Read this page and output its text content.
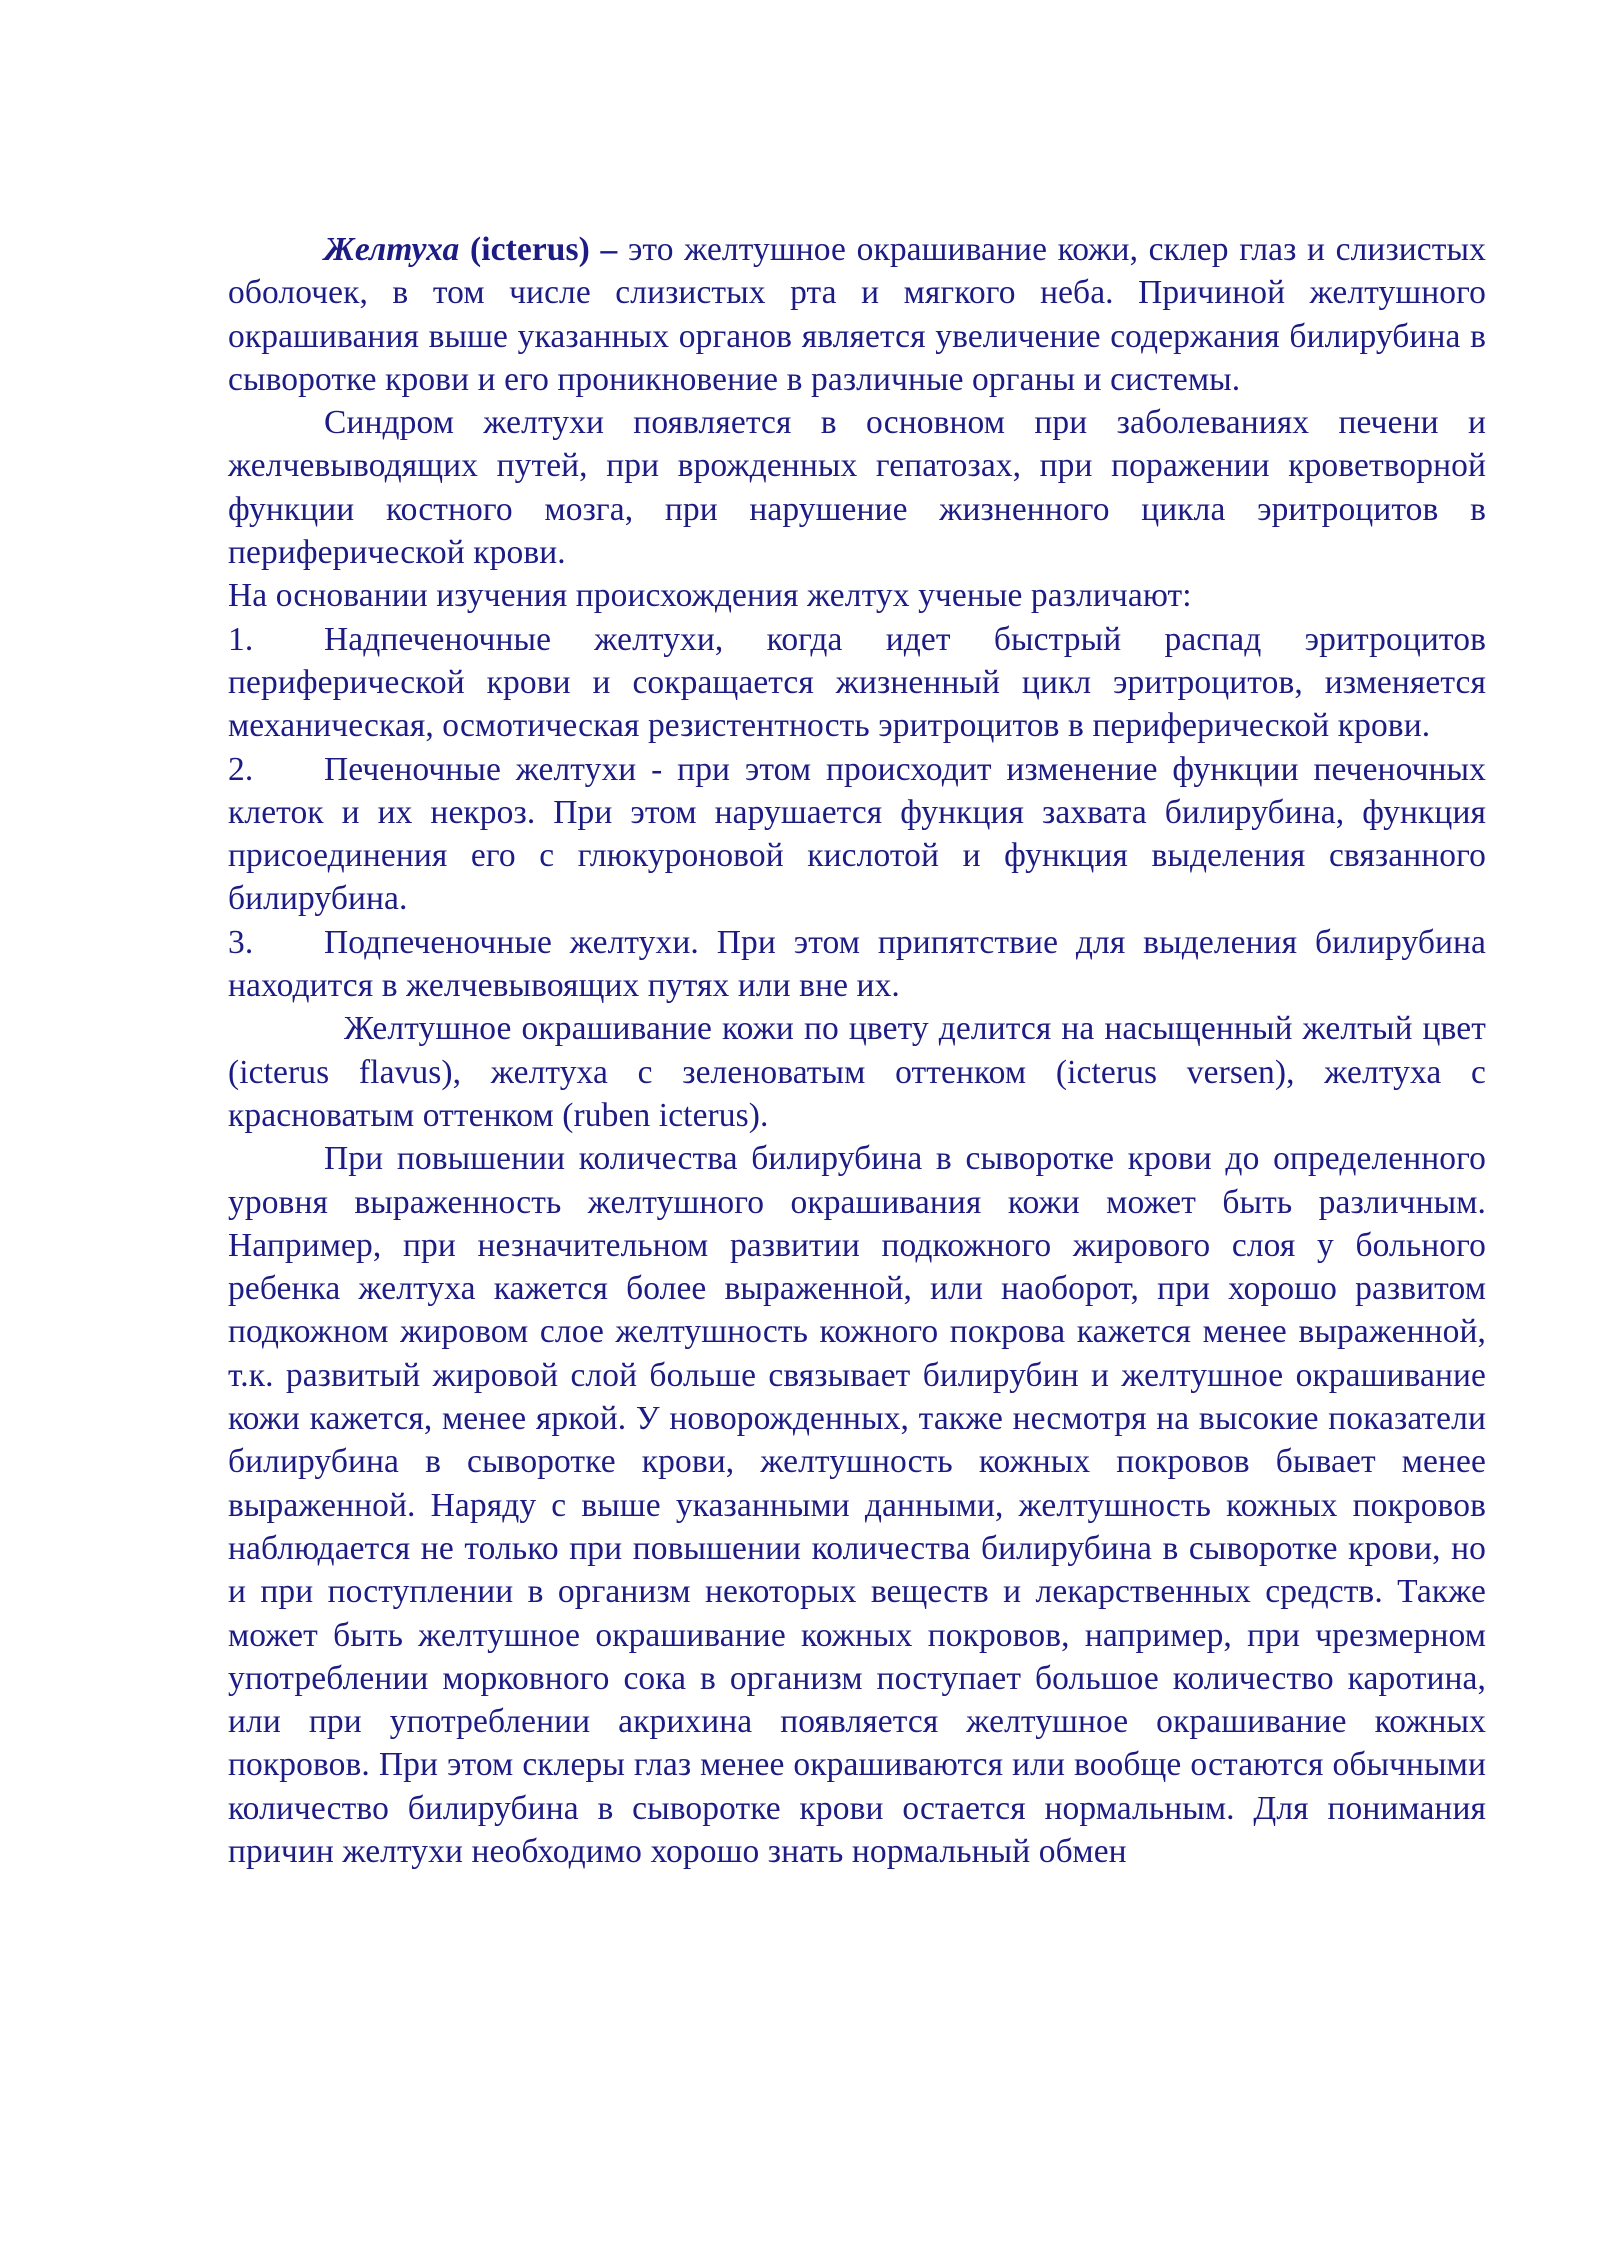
Желтуха (icterus) – это желтушное окрашивание кожи, склер глаз и слизистых оболочек, в том числе слизистых рта и мягкого неба. Причиной желтушного окрашивания выше указанных органов является увеличение содержания билирубина в сыворотке крови и его проникновение в различные органы и системы.

Синдром желтухи появляется в основном при заболеваниях печени и желчевыводящих путей, при врожденных гепатозах, при поражении кроветворной функции костного мозга, при нарушение жизненного цикла эритроцитов в периферической крови.

На основании изучения происхождения желтух ученые различают:

1. Надпеченочные желтухи, когда идет быстрый распад эритроцитов периферической крови и сокращается жизненный цикл эритроцитов, изменяется механическая, осмотическая резистентность эритроцитов в периферической крови.

2. Печеночные желтухи - при этом происходит изменение функции печеночных клеток и их некроз. При этом нарушается функция захвата билирубина, функция присоединения его с глюкуроновой кислотой и функция выделения связанного билирубина.

3. Подпеченочные желтухи. При этом припятствие для выделения билирубина находится в желчевывоящих путях или вне их.

Желтушное окрашивание кожи по цвету делится на насыщенный желтый цвет (icterus flavus), желтуха с зеленоватым оттенком (icterus versen), желтуха с красноватым оттенком (ruben icterus).

При повышении количества билирубина в сыворотке крови до определенного уровня выраженность желтушного окрашивания кожи может быть различным. Например, при незначительном развитии подкожного жирового слоя у больного ребенка желтуха кажется более выраженной, или наоборот, при хорошо развитом подкожном жировом слое желтушность кожного покрова кажется менее выраженной, т.к. развитый жировой слой больше связывает билирубин и желтушное окрашивание кожи кажется, менее яркой. У новорожденных, также несмотря на высокие показатели билирубина в сыворотке крови, желтушность кожных покровов бывает менее выраженной. Наряду с выше указанными данными, желтушность кожных покровов наблюдается не только при повышении количества билирубина в сыворотке крови, но и при поступлении в организм некоторых веществ и лекарственных средств. Также может быть желтушное окрашивание кожных покровов, например, при чрезмерном употреблении морковного сока в организм поступает большое количество каротина, или при употреблении акрихина появляется желтушное окрашивание кожных покровов. При этом склеры глаз менее окрашиваются или вообще остаются обычными количество билирубина в сыворотке крови остается нормальным. Для понимания причин желтухи необходимо хорошо знать нормальный обмен
